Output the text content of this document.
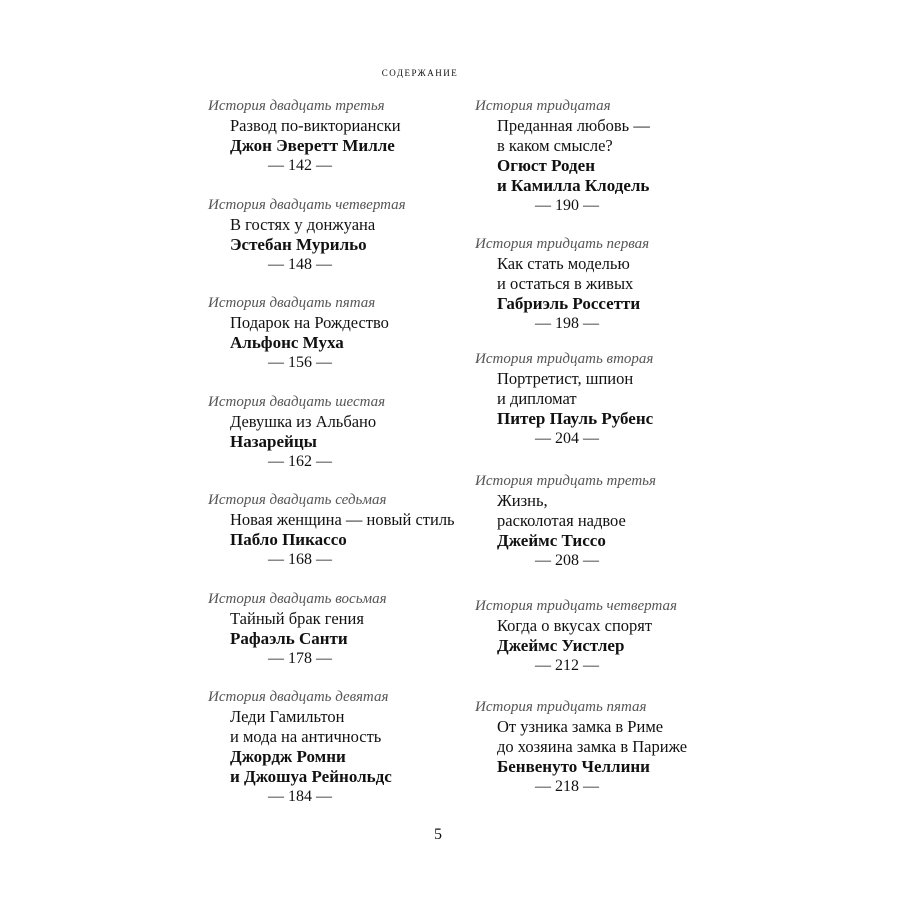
содержание
История двадцать третья
Развод по-викториански
Джон Эверетт Милле
— 142 —
История двадцать четвертая
В гостях у донжуана
Эстебан Мурильо
— 148 —
История двадцать пятая
Подарок на Рождество
Альфонс Муха
— 156 —
История двадцать шестая
Девушка из Альбано
Назарейцы
— 162 —
История двадцать седьмая
Новая женщина — новый стиль
Пабло Пикассо
— 168 —
История двадцать восьмая
Тайный брак гения
Рафаэль Санти
— 178 —
История двадцать девятая
Леди Гамильтон
и мода на античность
Джордж Ромни
и Джошуа Рейнольдс
— 184 —
История тридцатая
Преданная любовь —
в каком смысле?
Огюст Роден
и Камилла Клодель
— 190 —
История тридцать первая
Как стать моделью
и остаться в живых
Габриэль Россетти
— 198 —
История тридцать вторая
Портретист, шпион
и дипломат
Питер Пауль Рубенс
— 204 —
История тридцать третья
Жизнь,
расколотая надвое
Джеймс Тиссо
— 208 —
История тридцать четвертая
Когда о вкусах спорят
Джеймс Уистлер
— 212 —
История тридцать пятая
От узника замка в Риме
до хозяина замка в Париже
Бенвенуто Челлини
— 218 —
5
